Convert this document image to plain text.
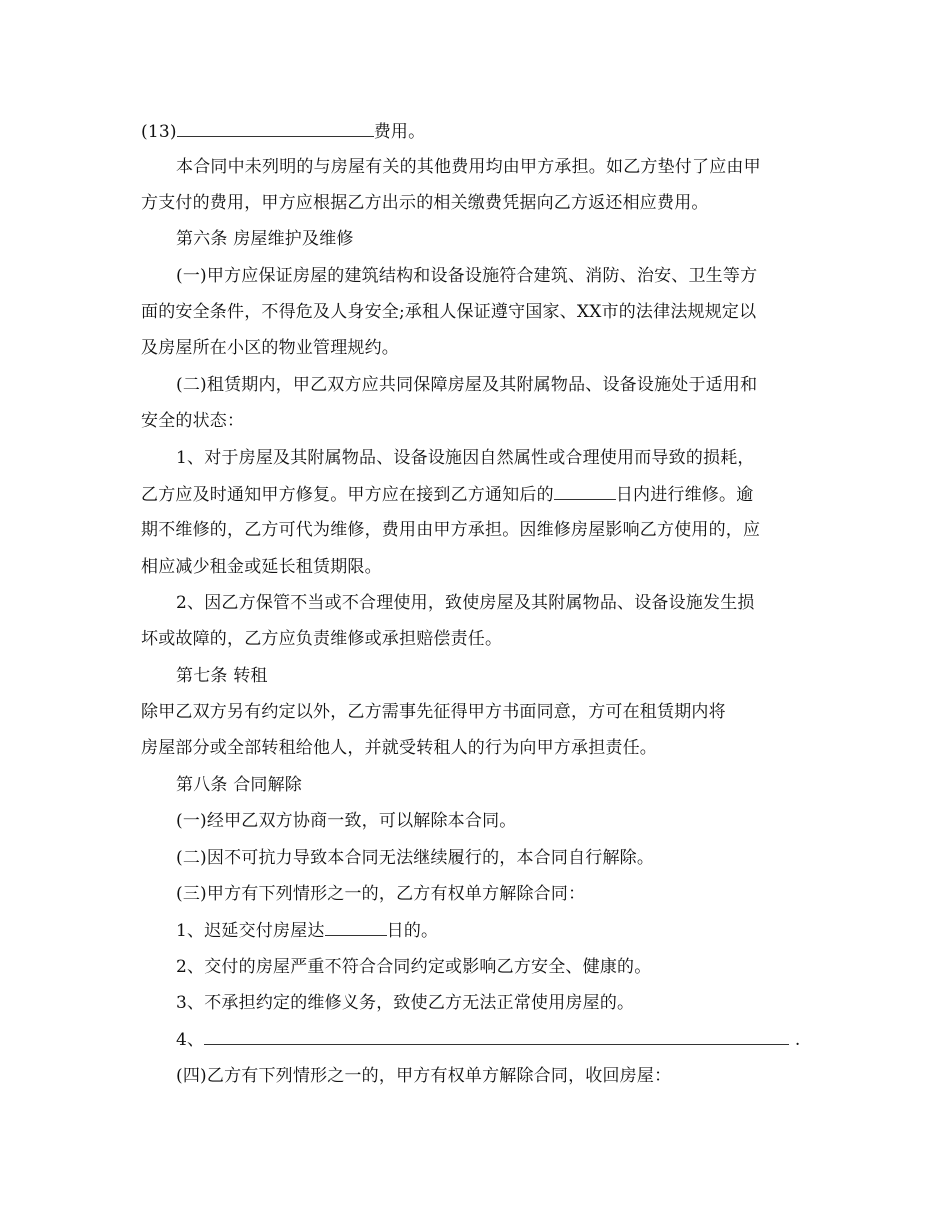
(13)	费用。
本合同中未列明的与房屋有关的其他费用均由甲方承担。如乙方垫付了应由甲
方支付的费用，甲方应根据乙方出示的相关缴费凭据向乙方返还相应费用。
第六条 房屋维护及维修
(一)甲方应保证房屋的建筑结构和设备设施符合建筑、消防、治安、卫生等方
面的安全条件，不得危及人身安全;承租人保证遵守国家、XX市的法律法规规定以
及房屋所在小区的物业管理规约。
(二)租赁期内，甲乙双方应共同保障房屋及其附属物品、设备设施处于适用和
安全的状态：
1、对于房屋及其附属物品、设备设施因自然属性或合理使用而导致的损耗，
乙方应及时通知甲方修复。甲方应在接到乙方通知后的	日内进行维修。逾
期不维修的，乙方可代为维修，费用由甲方承担。因维修房屋影响乙方使用的，应
相应减少租金或延长租赁期限。
2、因乙方保管不当或不合理使用，致使房屋及其附属物品、设备设施发生损
坏或故障的，乙方应负责维修或承担赔偿责任。
第七条 转租
除甲乙双方另有约定以外，乙方需事先征得甲方书面同意，方可在租赁期内将
房屋部分或全部转租给他人，并就受转租人的行为向甲方承担责任。
第八条 合同解除
(一)经甲乙双方协商一致，可以解除本合同。
(二)因不可抗力导致本合同无法继续履行的，本合同自行解除。
(三)甲方有下列情形之一的，乙方有权单方解除合同：
1、迟延交付房屋达	日的。
2、交付的房屋严重不符合合同约定或影响乙方安全、健康的。
3、不承担约定的维修义务，致使乙方无法正常使用房屋的。
4、	.
(四)乙方有下列情形之一的，甲方有权单方解除合同，收回房屋：
